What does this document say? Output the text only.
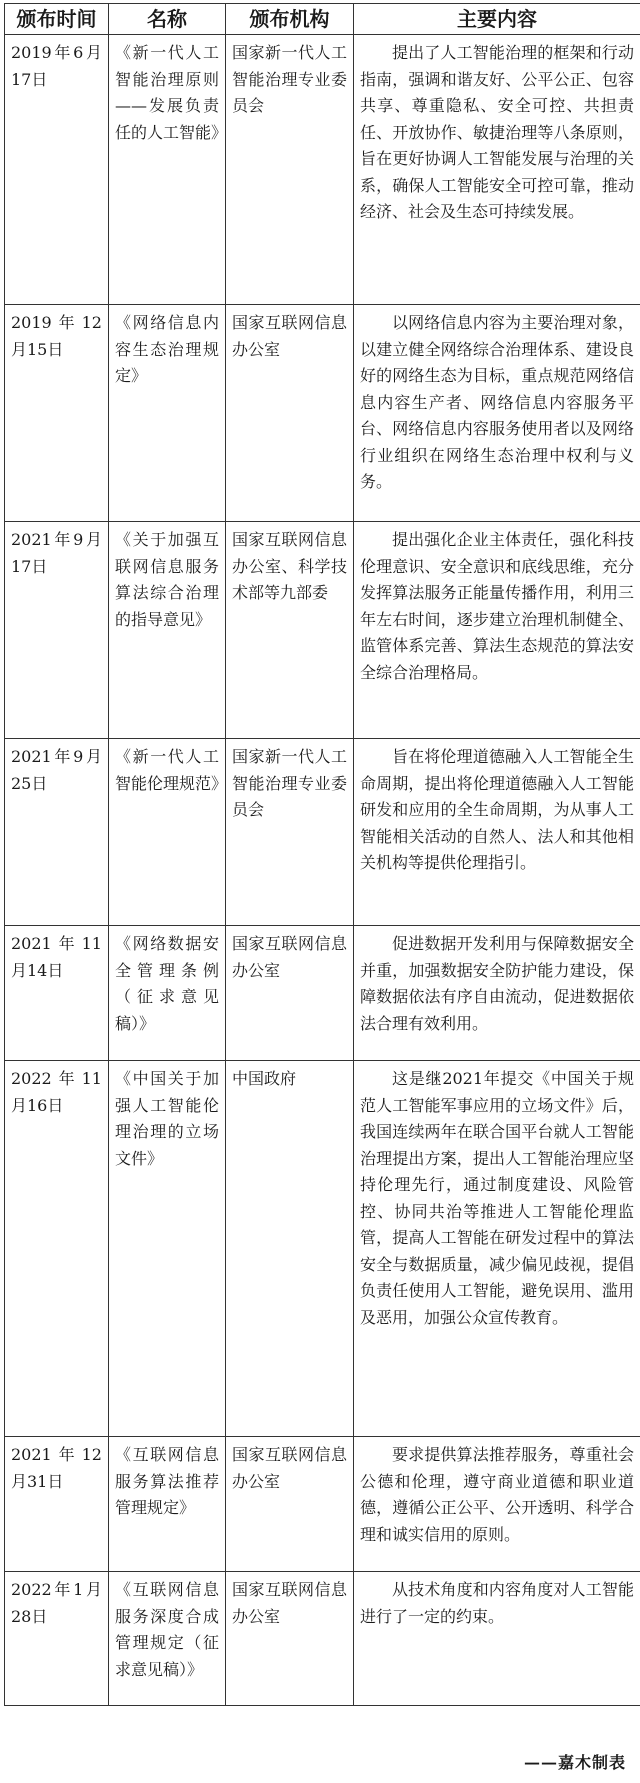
颁布时间	名称	颁布机构	主要内容
2019年6月17日	《新一代人工智能治理原则——发展负责任的人工智能》	国家新一代人工智能治理专业委员会	提出了人工智能治理的框架和行动指南，强调和谐友好、公平公正、包容共享、尊重隐私、安全可控、共担责任、开放协作、敏捷治理等八条原则，旨在更好协调人工智能发展与治理的关系，确保人工智能安全可控可靠，推动经济、社会及生态可持续发展。
2019年12月15日	《网络信息内容生态治理规定》	国家互联网信息办公室	以网络信息内容为主要治理对象，以建立健全网络综合治理体系、建设良好的网络生态为目标，重点规范网络信息内容生产者、网络信息内容服务平台、网络信息内容服务使用者以及网络行业组织在网络生态治理中权利与义务。
2021年9月17日	《关于加强互联网信息服务算法综合治理的指导意见》	国家互联网信息办公室、科学技术部等九部委	提出强化企业主体责任，强化科技伦理意识、安全意识和底线思维，充分发挥算法服务正能量传播作用，利用三年左右时间，逐步建立治理机制健全、监管体系完善、算法生态规范的算法安全综合治理格局。
2021年9月25日	《新一代人工智能伦理规范》	国家新一代人工智能治理专业委员会	旨在将伦理道德融入人工智能全生命周期，提出将伦理道德融入人工智能研发和应用的全生命周期，为从事人工智能相关活动的自然人、法人和其他相关机构等提供伦理指引。
2021年11月14日	《网络数据安全管理条例（征求意见稿）》	国家互联网信息办公室	促进数据开发利用与保障数据安全并重，加强数据安全防护能力建设，保障数据依法有序自由流动，促进数据依法合理有效利用。
2022年11月16日	《中国关于加强人工智能伦理治理的立场文件》	中国政府	这是继2021年提交《中国关于规范人工智能军事应用的立场文件》后，我国连续两年在联合国平台就人工智能治理提出方案，提出人工智能治理应坚持伦理先行，通过制度建设、风险管控、协同共治等推进人工智能伦理监管，提高人工智能在研发过程中的算法安全与数据质量，减少偏见歧视，提倡负责任使用人工智能，避免误用、滥用及恶用，加强公众宣传教育。
2021年12月31日	《互联网信息服务算法推荐管理规定》	国家互联网信息办公室	要求提供算法推荐服务，尊重社会公德和伦理，遵守商业道德和职业道德，遵循公正公平、公开透明、科学合理和诚实信用的原则。
2022年1月28日	《互联网信息服务深度合成管理规定（征求意见稿）》	国家互联网信息办公室	从技术角度和内容角度对人工智能进行了一定的约束。
——嘉木制表
